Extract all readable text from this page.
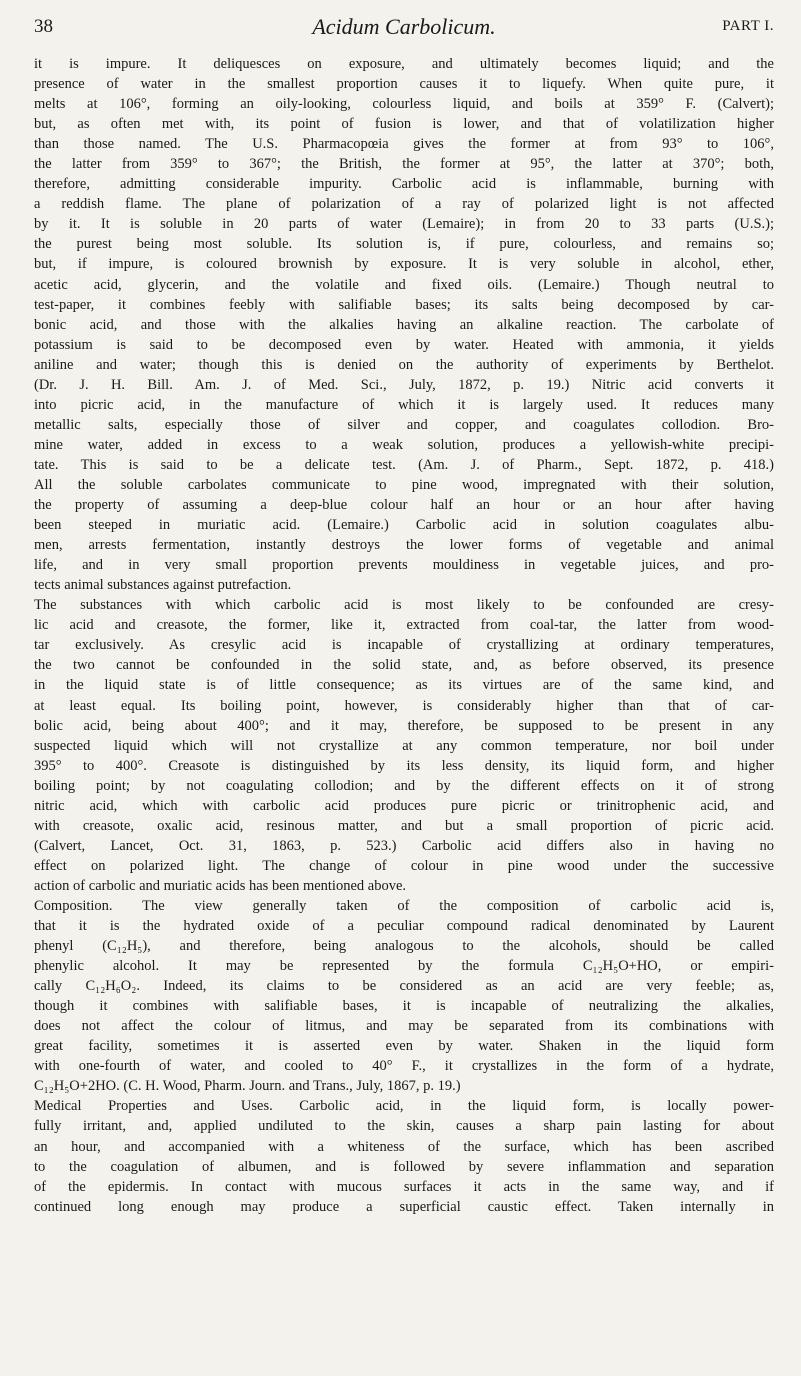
38	Acidum Carbolicum.	PART I.
it is impure. It deliquesces on exposure, and ultimately becomes liquid; and the
presence of water in the smallest proportion causes it to liquefy. When quite pure, it
melts at 106°, forming an oily-looking, colourless liquid, and boils at 359° F. (Calvert);
but, as often met with, its point of fusion is lower, and that of volatilization higher
than those named. The U.S. Pharmacopœia gives the former at from 93° to 106°,
the latter from 359° to 367°; the British, the former at 95°, the latter at 370°; both,
therefore, admitting considerable impurity. Carbolic acid is inflammable, burning with
a reddish flame. The plane of polarization of a ray of polarized light is not affected
by it. It is soluble in 20 parts of water (Lemaire); in from 20 to 33 parts (U.S.);
the purest being most soluble. Its solution is, if pure, colourless, and remains so;
but, if impure, is coloured brownish by exposure. It is very soluble in alcohol, ether,
acetic acid, glycerin, and the volatile and fixed oils. (Lemaire.) Though neutral to
test-paper, it combines feebly with salifiable bases; its salts being decomposed by car-
bonic acid, and those with the alkalies having an alkaline reaction. The carbolate of
potassium is said to be decomposed even by water. Heated with ammonia, it yields
aniline and water; though this is denied on the authority of experiments by Berthelot.
(Dr. J. H. Bill. Am. J. of Med. Sci., July, 1872, p. 19.) Nitric acid converts it
into picric acid, in the manufacture of which it is largely used. It reduces many
metallic salts, especially those of silver and copper, and coagulates collodion. Bro-
mine water, added in excess to a weak solution, produces a yellowish-white precipi-
tate. This is said to be a delicate test. (Am. J. of Pharm., Sept. 1872, p. 418.)
All the soluble carbolates communicate to pine wood, impregnated with their solution,
the property of assuming a deep-blue colour half an hour or an hour after having
been steeped in muriatic acid. (Lemaire.) Carbolic acid in solution coagulates albu-
men, arrests fermentation, instantly destroys the lower forms of vegetable and animal
life, and in very small proportion prevents mouldiness in vegetable juices, and pro-
tects animal substances against putrefaction.
The substances with which carbolic acid is most likely to be confounded are cresy-
lic acid and creasote, the former, like it, extracted from coal-tar, the latter from wood-
tar exclusively. As cresylic acid is incapable of crystallizing at ordinary temperatures,
the two cannot be confounded in the solid state, and, as before observed, its presence
in the liquid state is of little consequence; as its virtues are of the same kind, and
at least equal. Its boiling point, however, is considerably higher than that of car-
bolic acid, being about 400°; and it may, therefore, be supposed to be present in any
suspected liquid which will not crystallize at any common temperature, nor boil under
395° to 400°. Creasote is distinguished by its less density, its liquid form, and higher
boiling point; by not coagulating collodion; and by the different effects on it of strong
nitric acid, which with carbolic acid produces pure picric or trinitrophenic acid, and
with creasote, oxalic acid, resinous matter, and but a small proportion of picric acid.
(Calvert, Lancet, Oct. 31, 1863, p. 523.) Carbolic acid differs also in having no
effect on polarized light. The change of colour in pine wood under the successive
action of carbolic and muriatic acids has been mentioned above.
Composition. The view generally taken of the composition of carbolic acid is,
that it is the hydrated oxide of a peculiar compound radical denominated by Laurent
phenyl (C₁₂H₅), and therefore, being analogous to the alcohols, should be called
phenylic alcohol. It may be represented by the formula C₁₂H₅O+HO, or empiri-
cally C₁₂H₆O₂. Indeed, its claims to be considered as an acid are very feeble; as,
though it combines with salifiable bases, it is incapable of neutralizing the alkalies,
does not affect the colour of litmus, and may be separated from its combinations with
great facility, sometimes it is asserted even by water. Shaken in the liquid form
with one-fourth of water, and cooled to 40° F., it crystallizes in the form of a hydrate,
C₁₂H₅O+2HO. (C. H. Wood, Pharm. Journ. and Trans., July, 1867, p. 19.)
Medical Properties and Uses. Carbolic acid, in the liquid form, is locally power-
fully irritant, and, applied undiluted to the skin, causes a sharp pain lasting for about
an hour, and accompanied with a whiteness of the surface, which has been ascribed
to the coagulation of albumen, and is followed by severe inflammation and separation
of the epidermis. In contact with mucous surfaces it acts in the same way, and if
continued long enough may produce a superficial caustic effect. Taken internally in
